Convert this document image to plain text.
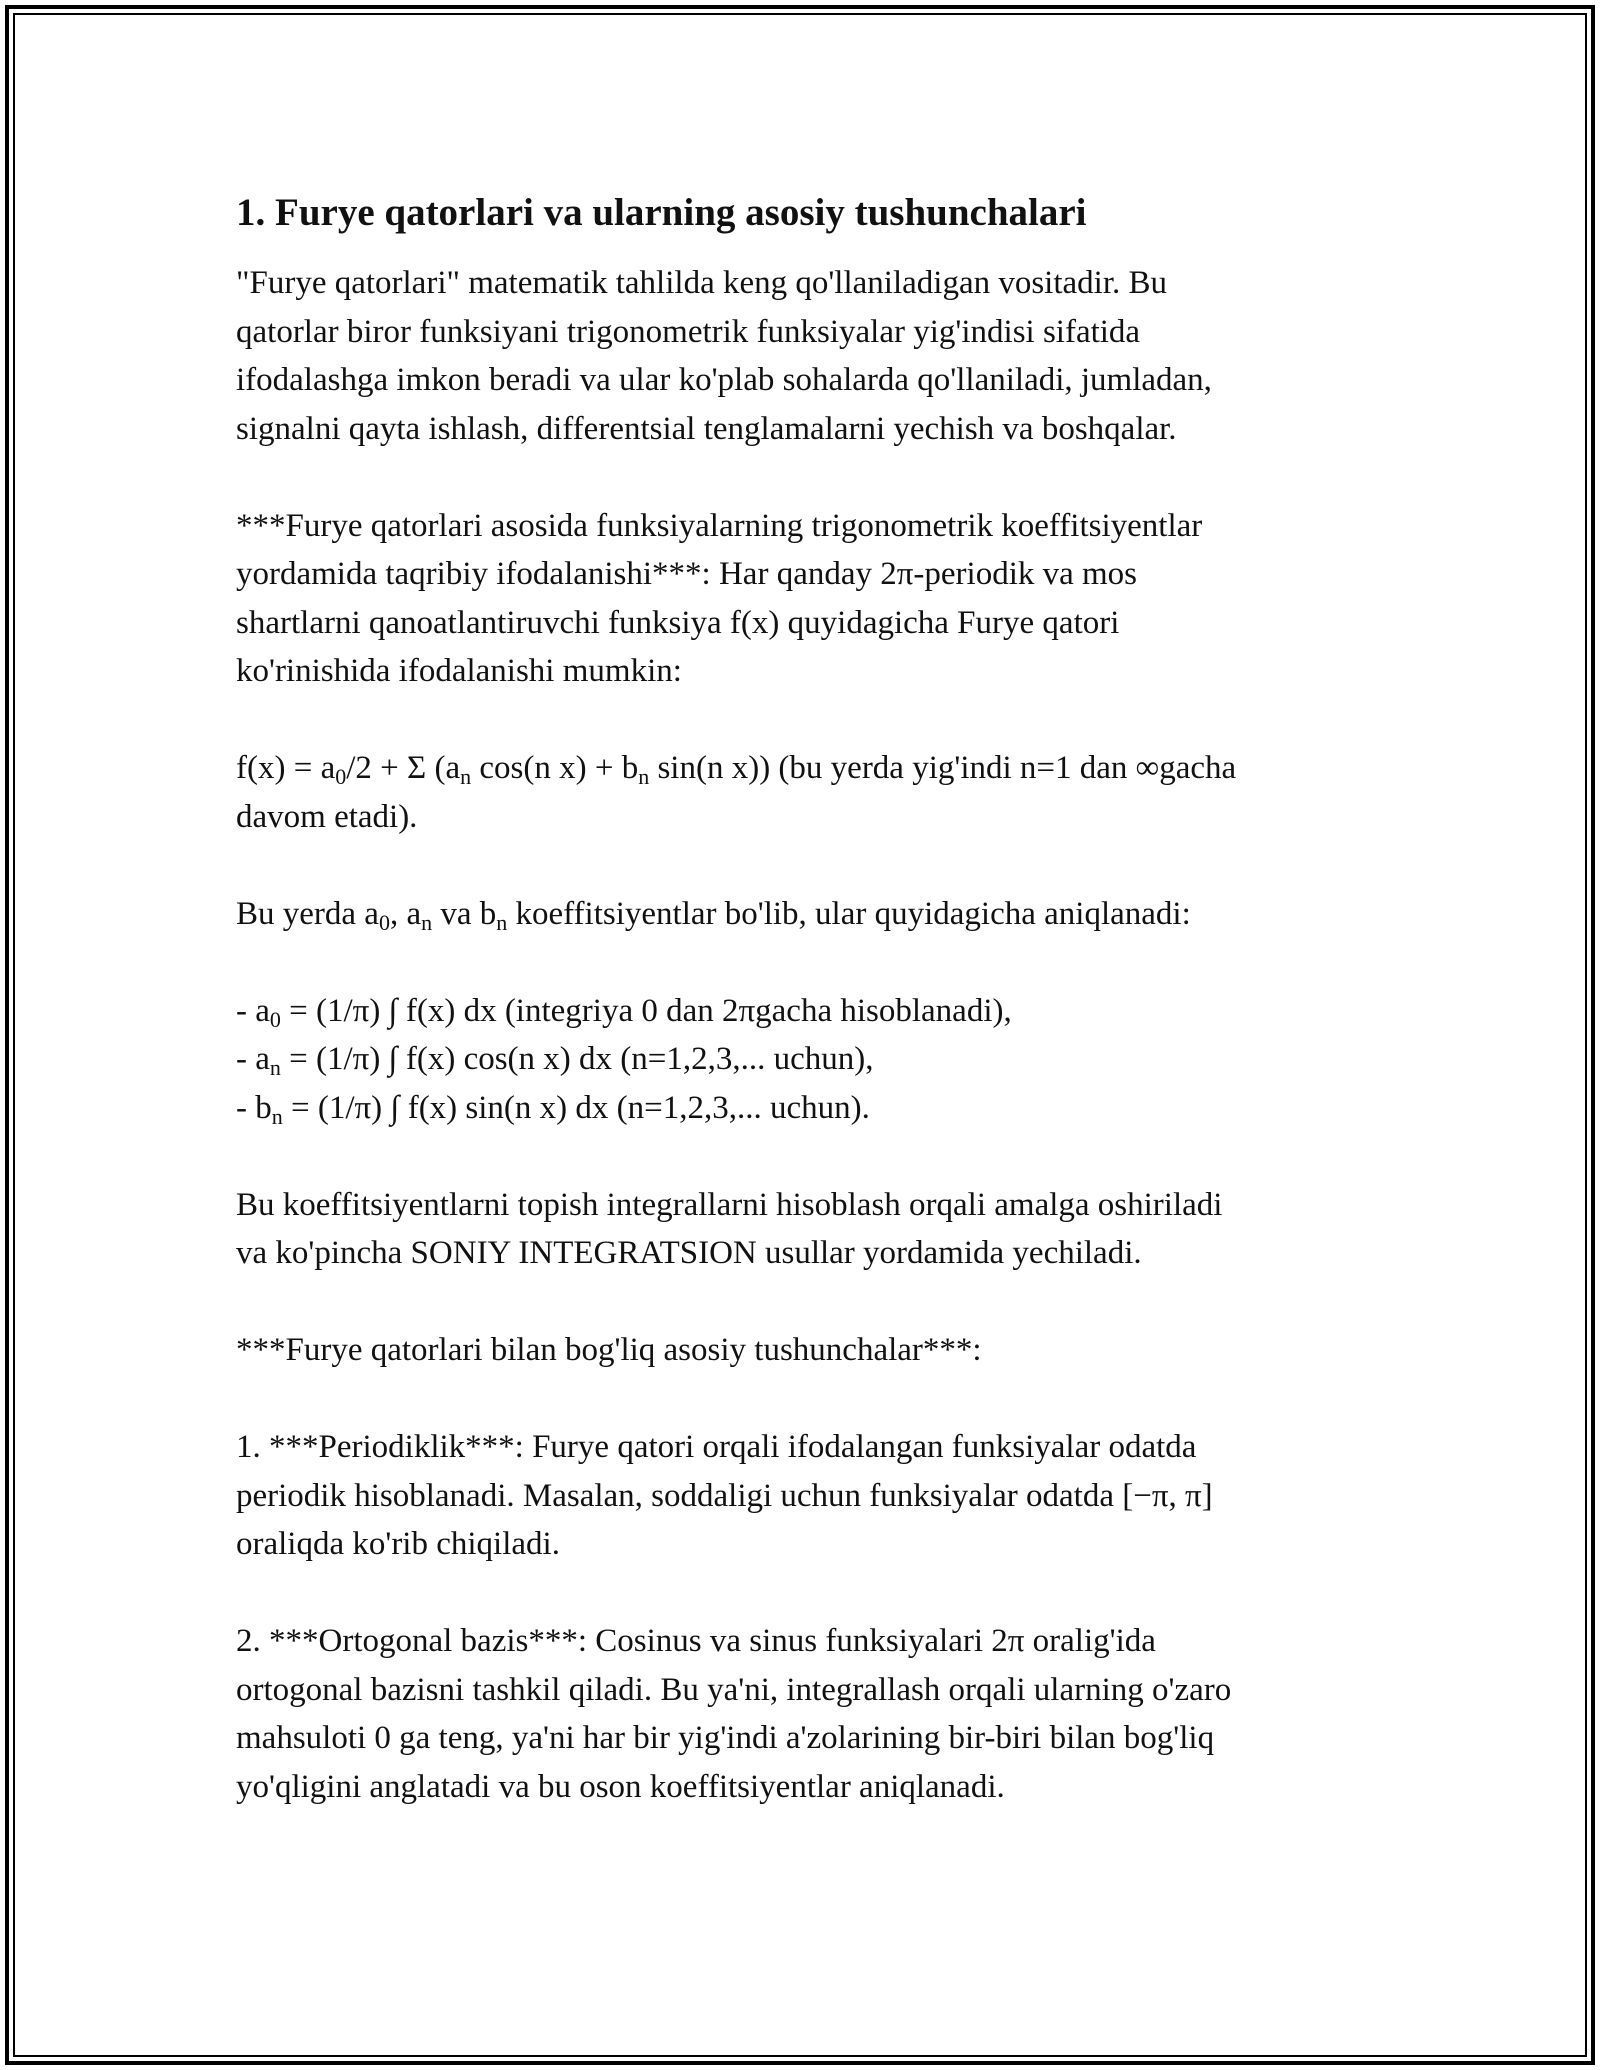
1. Furye qatorlari va ularning asosiy tushunchalari
"Furye qatorlari" matematik tahlilda keng qo'llaniladigan vositadir. Bu
qatorlar biror funksiyani trigonometrik funksiyalar yig'indisi sifatida
ifodalashga imkon beradi va ular ko'plab sohalarda qo'llaniladi, jumladan,
signalni qayta ishlash, differentsial tenglamalarni yechish va boshqalar.
***Furye qatorlari asosida funksiyalarning trigonometrik koeffitsiyentlar
yordamida taqribiy ifodalanishi***: Har qanday 2π-periodik va mos
shartlarni qanoatlantiruvchi funksiya f(x) quyidagicha Furye qatori
ko'rinishida ifodalanishi mumkin:
$f(x) = a_0/2 + \Sigma$ ($a_n$ cos(n $x) + b_n$ sin(n x)) (bu yerda yig'indi n=1 dan ∞gacha
davom etadi).
Bu yerda $a_0$, $a_n$ va $b_n$ koeffitsiyentlar bo'lib, ular quyidagicha aniqlanadi:
- $a_0 = (1/\pi)$ ∫ f(x) dx (integriya 0 dan 2πgacha hisoblanadi),
- $a_n = (1/\pi)$ ∫ f(x) cos(n x) dx (n=1,2,3,... uchun),
- $b_n = (1/\pi)$ ∫ f(x) sin(n x) dx (n=1,2,3,... uchun).
Bu koeffitsiyentlarni topish integrallarni hisoblash orqali amalga oshiriladi
va ko'pincha SONIY INTEGRATSION usullar yordamida yechiladi.
***Furye qatorlari bilan bog'liq asosiy tushunchalar***:
1. ***Periodiklik***: Furye qatori orqali ifodalangan funksiyalar odatda
periodik hisoblanadi. Masalan, soddaligi uchun funksiyalar odatda [−π, π]
oraliqda ko'rib chiqiladi.
2. ***Ortogonal bazis***: Cosinus va sinus funksiyalari 2π oralig'ida
ortogonal bazisni tashkil qiladi. Bu ya'ni, integrallash orqali ularning o'zaro
mahsuloti 0 ga teng, ya'ni har bir yig'indi a'zolarining bir-biri bilan bog'liq
yo'qligini anglatadi va bu oson koeffitsiyentlar aniqlanadi.
